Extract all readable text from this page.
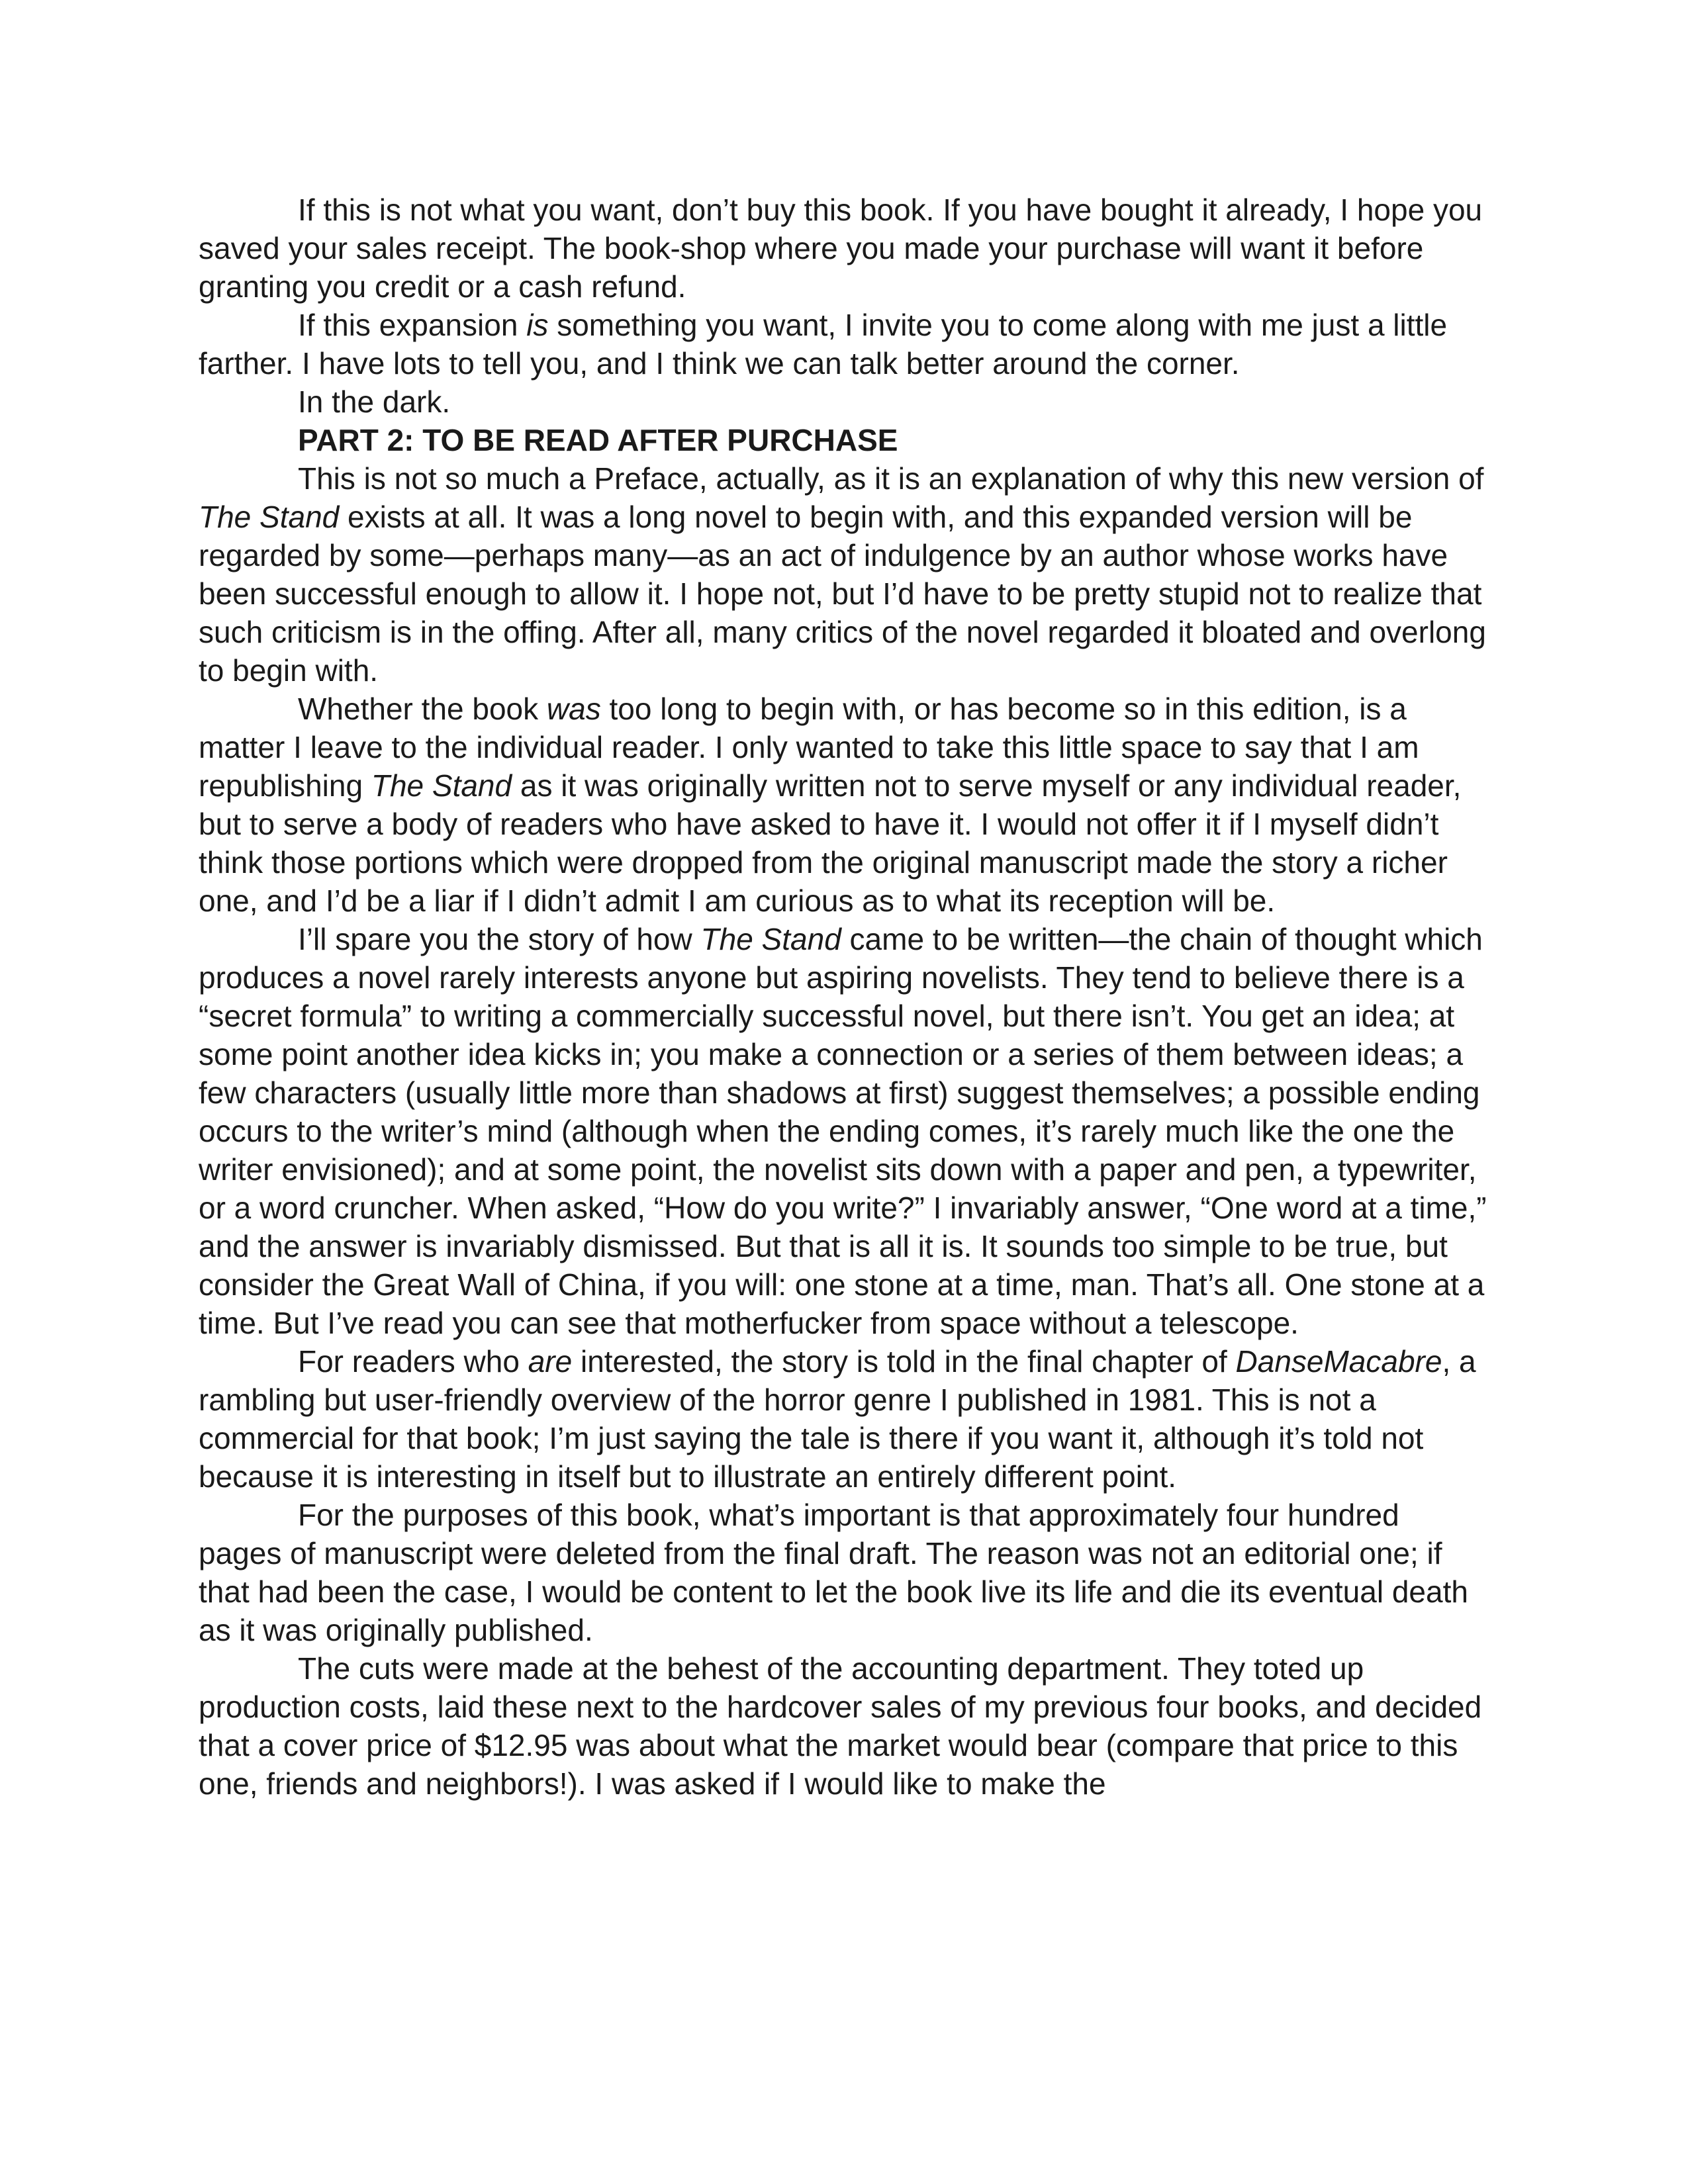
If this is not what you want, don’t buy this book. If you have bought it already, I hope you saved your sales receipt. The book-shop where you made your purchase will want it before granting you credit or a cash refund.

If this expansion is something you want, I invite you to come along with me just a little farther. I have lots to tell you, and I think we can talk better around the corner.

In the dark.

PART 2: TO BE READ AFTER PURCHASE

This is not so much a Preface, actually, as it is an explanation of why this new version of The Stand exists at all. It was a long novel to begin with, and this expanded version will be regarded by some—perhaps many—as an act of indulgence by an author whose works have been successful enough to allow it. I hope not, but I’d have to be pretty stupid not to realize that such criticism is in the offing. After all, many critics of the novel regarded it bloated and overlong to begin with.

Whether the book was too long to begin with, or has become so in this edition, is a matter I leave to the individual reader. I only wanted to take this little space to say that I am republishing The Stand as it was originally written not to serve myself or any individual reader, but to serve a body of readers who have asked to have it. I would not offer it if I myself didn’t think those portions which were dropped from the original manuscript made the story a richer one, and I’d be a liar if I didn’t admit I am curious as to what its reception will be.

I’ll spare you the story of how The Stand came to be written—the chain of thought which produces a novel rarely interests anyone but aspiring novelists. They tend to believe there is a “secret formula” to writing a commercially successful novel, but there isn’t. You get an idea; at some point another idea kicks in; you make a connection or a series of them between ideas; a few characters (usually little more than shadows at first) suggest themselves; a possible ending occurs to the writer’s mind (although when the ending comes, it’s rarely much like the one the writer envisioned); and at some point, the novelist sits down with a paper and pen, a typewriter, or a word cruncher. When asked, “How do you write?” I invariably answer, “One word at a time,” and the answer is invariably dismissed. But that is all it is. It sounds too simple to be true, but consider the Great Wall of China, if you will: one stone at a time, man. That’s all. One stone at a time. But I’ve read you can see that motherfucker from space without a telescope.

For readers who are interested, the story is told in the final chapter of DanseMacabre, a rambling but user-friendly overview of the horror genre I published in 1981. This is not a commercial for that book; I’m just saying the tale is there if you want it, although it’s told not because it is interesting in itself but to illustrate an entirely different point.

For the purposes of this book, what’s important is that approximately four hundred pages of manuscript were deleted from the final draft. The reason was not an editorial one; if that had been the case, I would be content to let the book live its life and die its eventual death as it was originally published.

The cuts were made at the behest of the accounting department. They toted up production costs, laid these next to the hardcover sales of my previous four books, and decided that a cover price of $12.95 was about what the market would bear (compare that price to this one, friends and neighbors!). I was asked if I would like to make the
